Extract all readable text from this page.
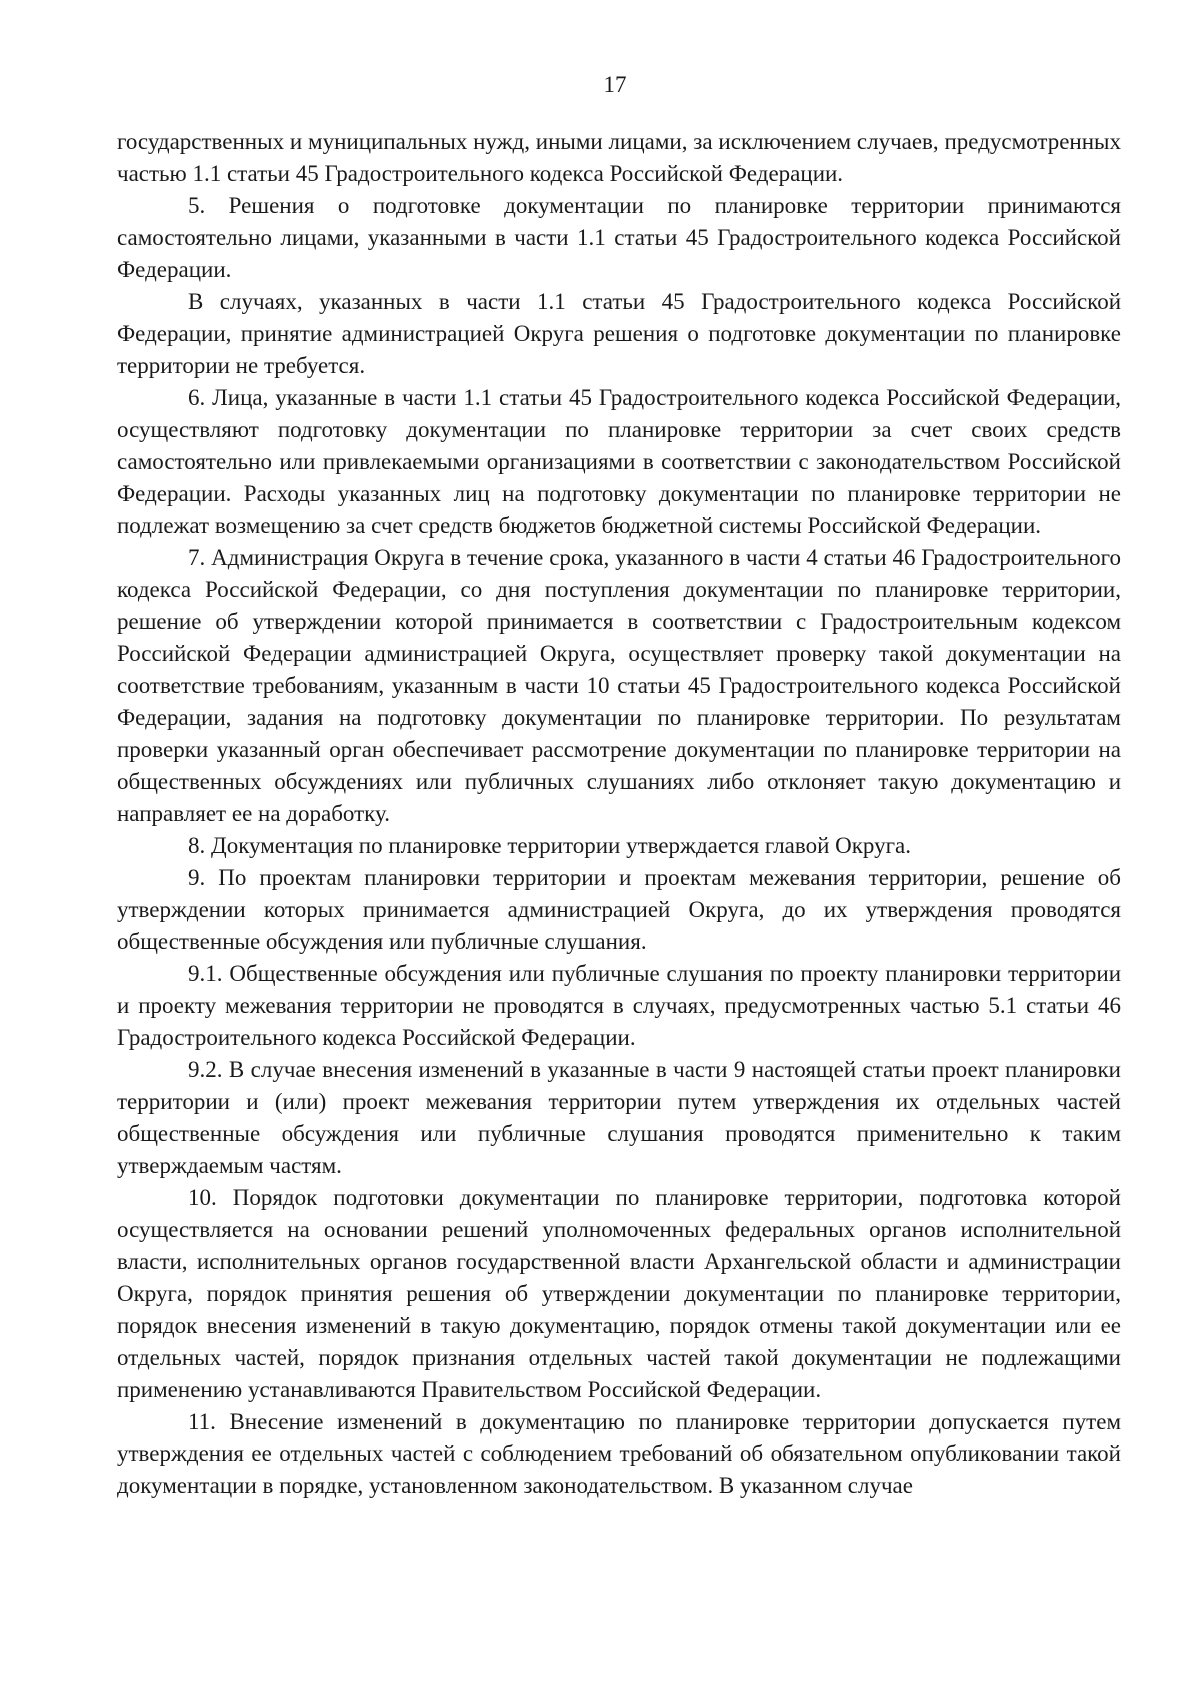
17

государственных и муниципальных нужд, иными лицами, за исключением случаев, предусмотренных частью 1.1 статьи 45 Градостроительного кодекса Российской Федерации.

5. Решения о подготовке документации по планировке территории принимаются самостоятельно лицами, указанными в части 1.1 статьи 45 Градостроительного кодекса Российской Федерации.

В случаях, указанных в части 1.1 статьи 45 Градостроительного кодекса Российской Федерации, принятие администрацией Округа решения о подготовке документации по планировке территории не требуется.

6. Лица, указанные в части 1.1 статьи 45 Градостроительного кодекса Российской Федерации, осуществляют подготовку документации по планировке территории за счет своих средств самостоятельно или привлекаемыми организациями в соответствии с законодательством Российской Федерации. Расходы указанных лиц на подготовку документации по планировке территории не подлежат возмещению за счет средств бюджетов бюджетной системы Российской Федерации.

7. Администрация Округа в течение срока, указанного в части 4 статьи 46 Градостроительного кодекса Российской Федерации, со дня поступления документации по планировке территории, решение об утверждении которой принимается в соответствии с Градостроительным кодексом Российской Федерации администрацией Округа, осуществляет проверку такой документации на соответствие требованиям, указанным в части 10 статьи 45 Градостроительного кодекса Российской Федерации, задания на подготовку документации по планировке территории. По результатам проверки указанный орган обеспечивает рассмотрение документации по планировке территории на общественных обсуждениях или публичных слушаниях либо отклоняет такую документацию и направляет ее на доработку.

8. Документация по планировке территории утверждается главой Округа.

9. По проектам планировки территории и проектам межевания территории, решение об утверждении которых принимается администрацией Округа, до их утверждения проводятся общественные обсуждения или публичные слушания.

9.1. Общественные обсуждения или публичные слушания по проекту планировки территории и проекту межевания территории не проводятся в случаях, предусмотренных частью 5.1 статьи 46 Градостроительного кодекса Российской Федерации.

9.2. В случае внесения изменений в указанные в части 9 настоящей статьи проект планировки территории и (или) проект межевания территории путем утверждения их отдельных частей общественные обсуждения или публичные слушания проводятся применительно к таким утверждаемым частям.

10. Порядок подготовки документации по планировке территории, подготовка которой осуществляется на основании решений уполномоченных федеральных органов исполнительной власти, исполнительных органов государственной власти Архангельской области и администрации Округа, порядок принятия решения об утверждении документации по планировке территории, порядок внесения изменений в такую документацию, порядок отмены такой документации или ее отдельных частей, порядок признания отдельных частей такой документации не подлежащими применению устанавливаются Правительством Российской Федерации.

11. Внесение изменений в документацию по планировке территории допускается путем утверждения ее отдельных частей с соблюдением требований об обязательном опубликовании такой документации в порядке, установленном законодательством. В указанном случае
